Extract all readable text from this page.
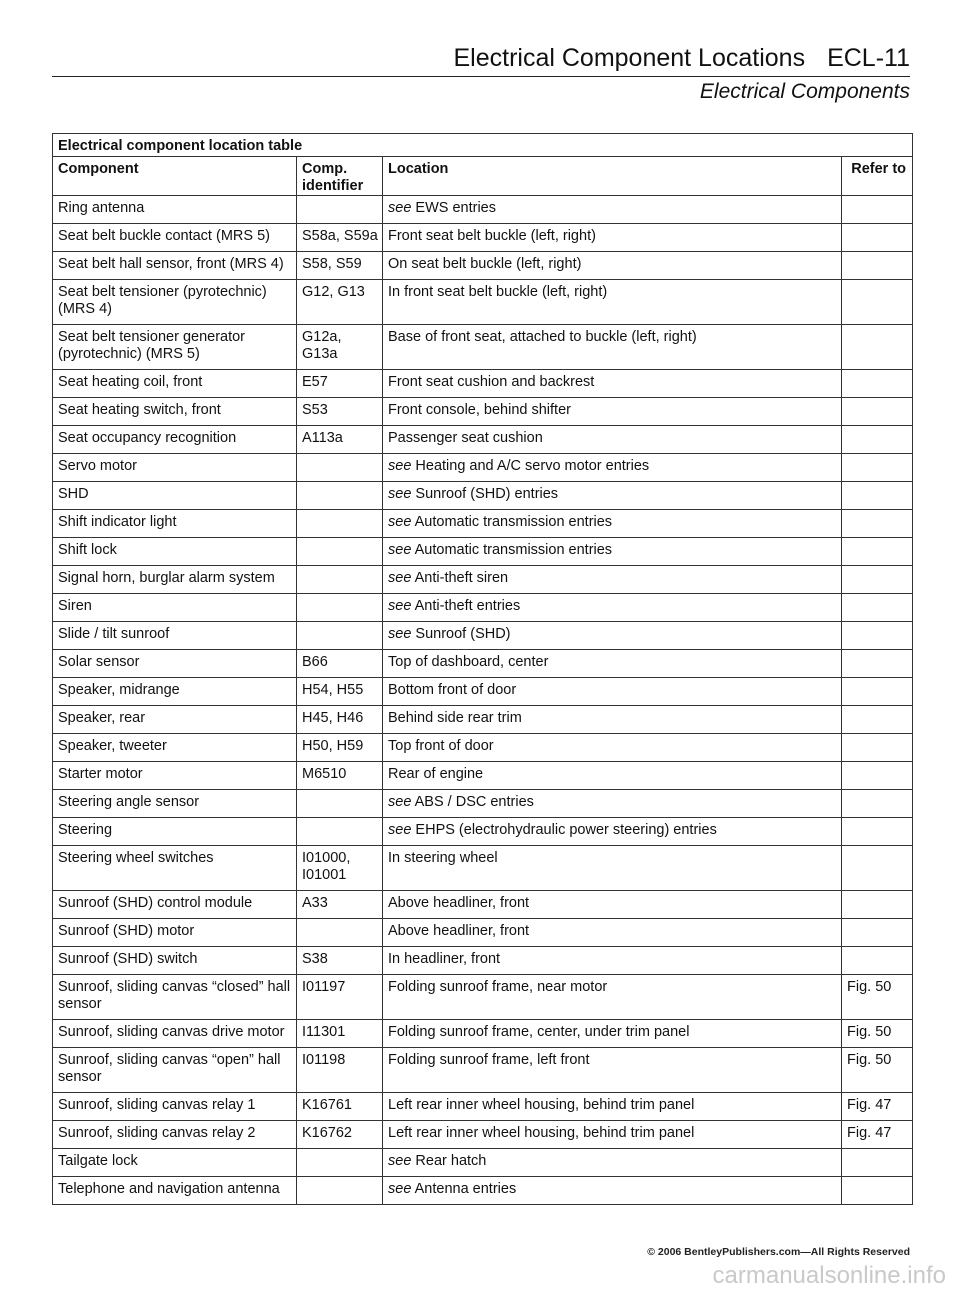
Electrical Component Locations ECL-11
Electrical Components
Electrical component location table			
Component	Comp. identifier	Location	Refer to
Ring antenna		see EWS entries	
Seat belt buckle contact (MRS 5)	S58a, S59a	Front seat belt buckle (left, right)	
Seat belt hall sensor, front (MRS 4)	S58, S59	On seat belt buckle (left, right)	
Seat belt tensioner (pyrotechnic) (MRS 4)	G12, G13	In front seat belt buckle (left, right)	
Seat belt tensioner generator (pyrotechnic) (MRS 5)	G12a, G13a	Base of front seat, attached to buckle (left, right)	
Seat heating coil, front	E57	Front seat cushion and backrest	
Seat heating switch, front	S53	Front console, behind shifter	
Seat occupancy recognition	A113a	Passenger seat cushion	
Servo motor		see Heating and A/C servo motor entries	
SHD		see Sunroof (SHD) entries	
Shift indicator light		see Automatic transmission entries	
Shift lock		see Automatic transmission entries	
Signal horn, burglar alarm system		see Anti-theft siren	
Siren		see Anti-theft entries	
Slide / tilt sunroof		see Sunroof (SHD)	
Solar sensor	B66	Top of dashboard, center	
Speaker, midrange	H54, H55	Bottom front of door	
Speaker, rear	H45, H46	Behind side rear trim	
Speaker, tweeter	H50, H59	Top front of door	
Starter motor	M6510	Rear of engine	
Steering angle sensor		see ABS / DSC entries	
Steering		see EHPS (electrohydraulic power steering) entries	
Steering wheel switches	I01000, I01001	In steering wheel	
Sunroof (SHD) control module	A33	Above headliner, front	
Sunroof (SHD) motor		Above headliner, front	
Sunroof (SHD) switch	S38	In headliner, front	
Sunroof, sliding canvas “closed” hall sensor	I01197	Folding sunroof frame, near motor	Fig. 50
Sunroof, sliding canvas drive motor	I11301	Folding sunroof frame, center, under trim panel	Fig. 50
Sunroof, sliding canvas “open” hall sensor	I01198	Folding sunroof frame, left front	Fig. 50
Sunroof, sliding canvas relay 1	K16761	Left rear inner wheel housing, behind trim panel	Fig. 47
Sunroof, sliding canvas relay 2	K16762	Left rear inner wheel housing, behind trim panel	Fig. 47
Tailgate lock		see Rear hatch	
Telephone and navigation antenna		see Antenna entries	
© 2006 BentleyPublishers.com—All Rights Reserved
carmanualsonline.info
